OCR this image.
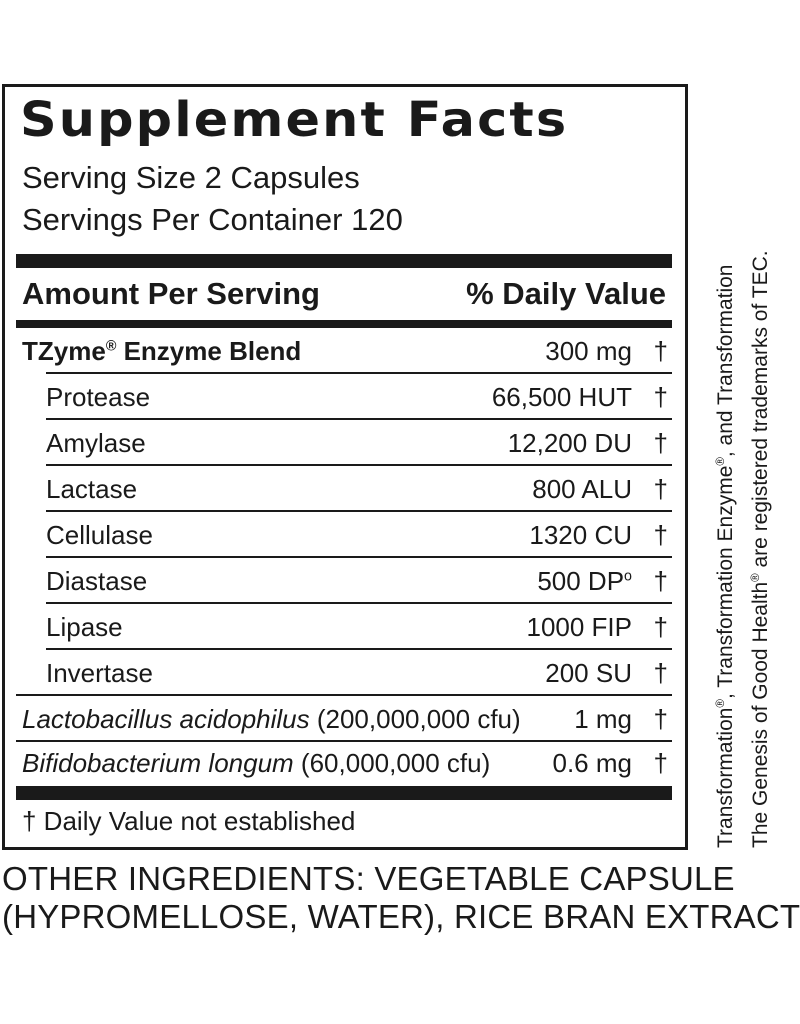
Supplement Facts
Serving Size 2 Capsules
Servings Per Container 120
Amount Per Serving	% Daily Value
TZyme® Enzyme Blend	300 mg †
Protease	66,500 HUT †
Amylase	12,200 DU †
Lactase	800 ALU †
Cellulase	1320 CU †
Diastase	500 $DP^o$ †
Lipase	1000 FIP †
Invertase	200 SU †
Lactobacillus acidophilus (200,000,000 cfu) 1 mg †
Bifidobacterium longum (60,000,000 cfu) 0.6 mg †
† Daily Value not established	Transformation®, Transformation Enzyme®, and Transformation
The Genesis of Good Health® are registered trademarks of TEC.
OTHER INGREDIENTS: VEGETABLE CAPSULE
(HYPROMELLOSE, WATER), RICE BRAN EXTRACT
